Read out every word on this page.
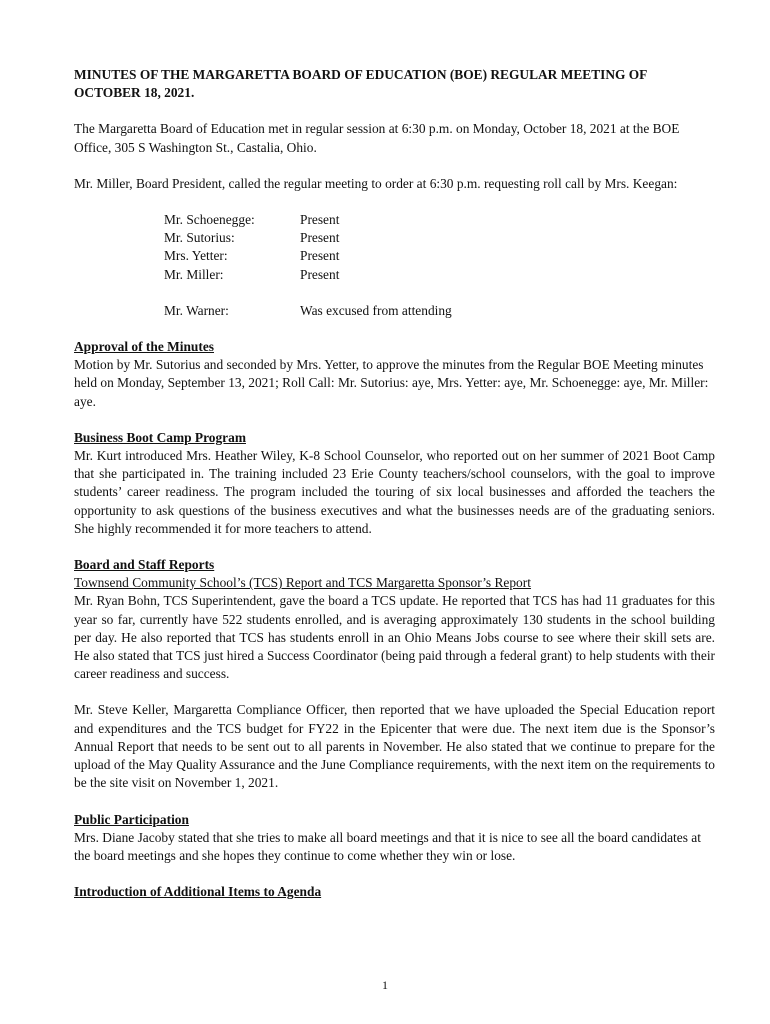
MINUTES OF THE MARGARETTA BOARD OF EDUCATION (BOE) REGULAR MEETING OF OCTOBER 18, 2021.

The Margaretta Board of Education met in regular session at 6:30 p.m. on Monday, October 18, 2021 at the BOE Office, 305 S Washington St., Castalia, Ohio.

Mr. Miller, Board President, called the regular meeting to order at 6:30 p.m. requesting roll call by Mrs. Keegan:

Mr. Schoenegge:	Present
Mr. Sutorius:	Present
Mrs. Yetter:	Present
Mr. Miller:	Present
Mr. Warner:	Was excused from attending
Approval of the Minutes
Motion by Mr. Sutorius and seconded by Mrs. Yetter, to approve the minutes from the Regular BOE Meeting minutes held on Monday, September 13, 2021; Roll Call: Mr. Sutorius: aye, Mrs. Yetter: aye, Mr. Schoenegge: aye, Mr. Miller: aye.
Business Boot Camp Program
Mr. Kurt introduced Mrs. Heather Wiley, K-8 School Counselor, who reported out on her summer of 2021 Boot Camp that she participated in. The training included 23 Erie County teachers/school counselors, with the goal to improve students’ career readiness. The program included the touring of six local businesses and afforded the teachers the opportunity to ask questions of the business executives and what the businesses needs are of the graduating seniors. She highly recommended it for more teachers to attend.
Board and Staff Reports
Townsend Community School’s (TCS) Report and TCS Margaretta Sponsor’s Report
Mr. Ryan Bohn, TCS Superintendent, gave the board a TCS update. He reported that TCS has had 11 graduates for this year so far, currently have 522 students enrolled, and is averaging approximately 130 students in the school building per day. He also reported that TCS has students enroll in an Ohio Means Jobs course to see where their skill sets are. He also stated that TCS just hired a Success Coordinator (being paid through a federal grant) to help students with their career readiness and success.

Mr. Steve Keller, Margaretta Compliance Officer, then reported that we have uploaded the Special Education report and expenditures and the TCS budget for FY22 in the Epicenter that were due. The next item due is the Sponsor’s Annual Report that needs to be sent out to all parents in November. He also stated that we continue to prepare for the upload of the May Quality Assurance and the June Compliance requirements, with the next item on the requirements to be the site visit on November 1, 2021.

Public Participation
Mrs. Diane Jacoby stated that she tries to make all board meetings and that it is nice to see all the board candidates at the board meetings and she hopes they continue to come whether they win or lose.
Introduction of Additional Items to Agenda
1
